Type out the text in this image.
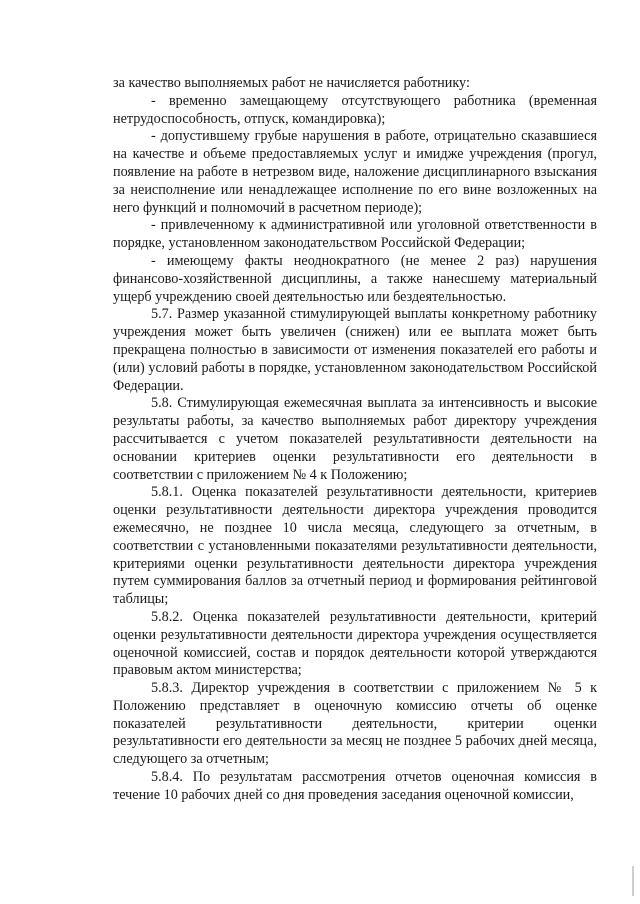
за качество выполняемых работ не начисляется работнику:

- временно замещающему отсутствующего работника (временная нетрудоспособность, отпуск, командировка);

- допустившему грубые нарушения в работе, отрицательно сказавшиеся на качестве и объеме предоставляемых услуг и имидже учреждения (прогул, появление на работе в нетрезвом виде, наложение дисциплинарного взыскания за неисполнение или ненадлежащее исполнение по его вине возложенных на него функций и полномочий в расчетном периоде);

- привлеченному к административной или уголовной ответственности в порядке, установленном законодательством Российской Федерации;

- имеющему факты неоднократного (не менее 2 раз) нарушения финансово-хозяйственной дисциплины, а также нанесшему материальный ущерб учреждению своей деятельностью или бездеятельностью.

5.7. Размер указанной стимулирующей выплаты конкретному работнику учреждения может быть увеличен (снижен) или ее выплата может быть прекращена полностью в зависимости от изменения показателей его работы и (или) условий работы в порядке, установленном законодательством Российской Федерации.

5.8. Стимулирующая ежемесячная выплата за интенсивность и высокие результаты работы, за качество выполняемых работ директору учреждения рассчитывается с учетом показателей результативности деятельности на основании критериев оценки результативности его деятельности в соответствии с приложением № 4 к Положению;

5.8.1. Оценка показателей результативности деятельности, критериев оценки результативности деятельности директора учреждения проводится ежемесячно, не позднее 10 числа месяца, следующего за отчетным, в соответствии с установленными показателями результативности деятельности, критериями оценки результативности деятельности директора учреждения путем суммирования баллов за отчетный период и формирования рейтинговой таблицы;

5.8.2. Оценка показателей результативности деятельности, критерий оценки результативности деятельности директора учреждения осуществляется оценочной комиссией, состав и порядок деятельности которой утверждаются правовым актом министерства;

5.8.3. Директор учреждения в соответствии с приложением № 5 к Положению представляет в оценочную комиссию отчеты об оценке показателей результативности деятельности, критерии оценки результативности его деятельности за месяц не позднее 5 рабочих дней месяца, следующего за отчетным;

5.8.4. По результатам рассмотрения отчетов оценочная комиссия в течение 10 рабочих дней со дня проведения заседания оценочной комиссии,
